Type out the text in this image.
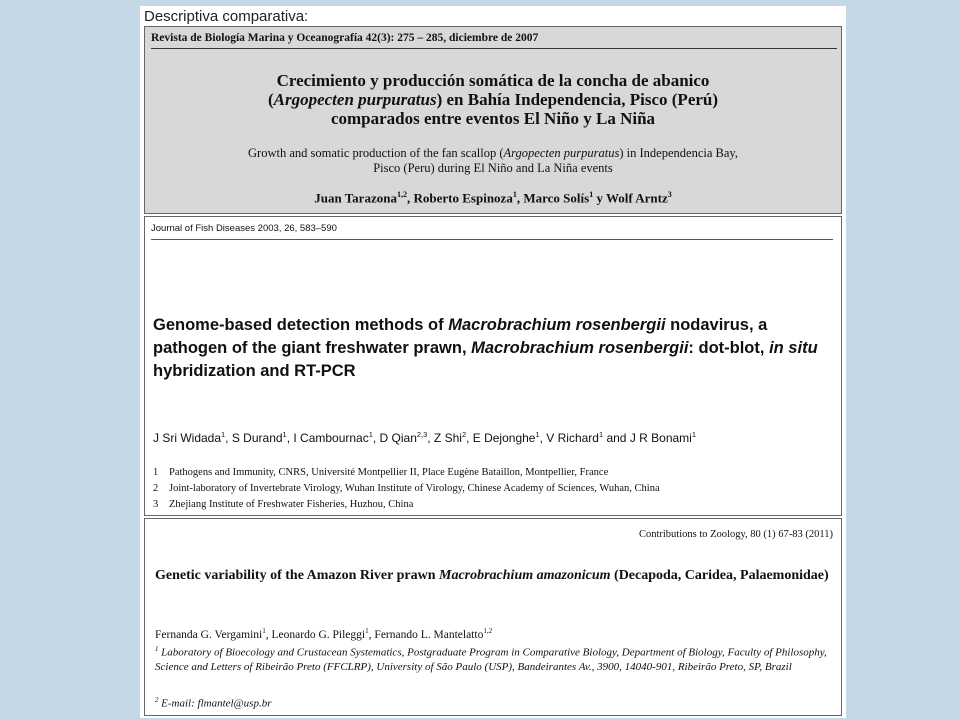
Descriptiva comparativa:
Revista de Biología Marina y Oceanografía 42(3): 275 – 285, diciembre de 2007
Crecimiento y producción somática de la concha de abanico
(Argopecten purpuratus) en Bahía Independencia, Pisco (Perú)
comparados entre eventos El Niño y La Niña
Growth and somatic production of the fan scallop (Argopecten purpuratus) in Independencia Bay,
Pisco (Peru) during El Niño and La Niña events
Juan Tarazona$^{1,2}$, Roberto Espinoza$^1$, Marco Solís$^1$ y Wolf Arntz$^3$
Journal of Fish Diseases 2003, 26, 583–590
Genome-based detection methods of Macrobrachium rosenbergii nodavirus, a pathogen of the giant freshwater prawn, Macrobrachium rosenbergii: dot-blot, in situ hybridization and RT-PCR
J Sri Widada$^1$, S Durand$^1$, I Cambournac$^1$, D Qian$^{2,3}$, Z Shi$^2$, E Dejonghe$^1$, V Richard$^1$ and J R Bonami$^1$
1 Pathogens and Immunity, CNRS, Université Montpellier II, Place Eugène Bataillon, Montpellier, France
2 Joint-laboratory of Invertebrate Virology, Wuhan Institute of Virology, Chinese Academy of Sciences, Wuhan, China
3 Zhejiang Institute of Freshwater Fisheries, Huzhou, China
Contributions to Zoology, 80 (1) 67-83 (2011)
Genetic variability of the Amazon River prawn Macrobrachium amazonicum (Decapoda, Caridea, Palaemonidae)
Fernanda G. Vergamini$^1$, Leonardo G. Pileggi$^1$, Fernando L. Mantelatto$^{1,2}$
$^1$ Laboratory of Bioecology and Crustacean Systematics, Postgraduate Program in Comparative Biology, Department of Biology, Faculty of Philosophy, Science and Letters of Ribeirão Preto (FFCLRP), University of São Paulo (USP), Bandeirantes Av., 3900, 14040-901, Ribeirão Preto, SP, Brazil
$^2$ E-mail: flmantel@usp.br
